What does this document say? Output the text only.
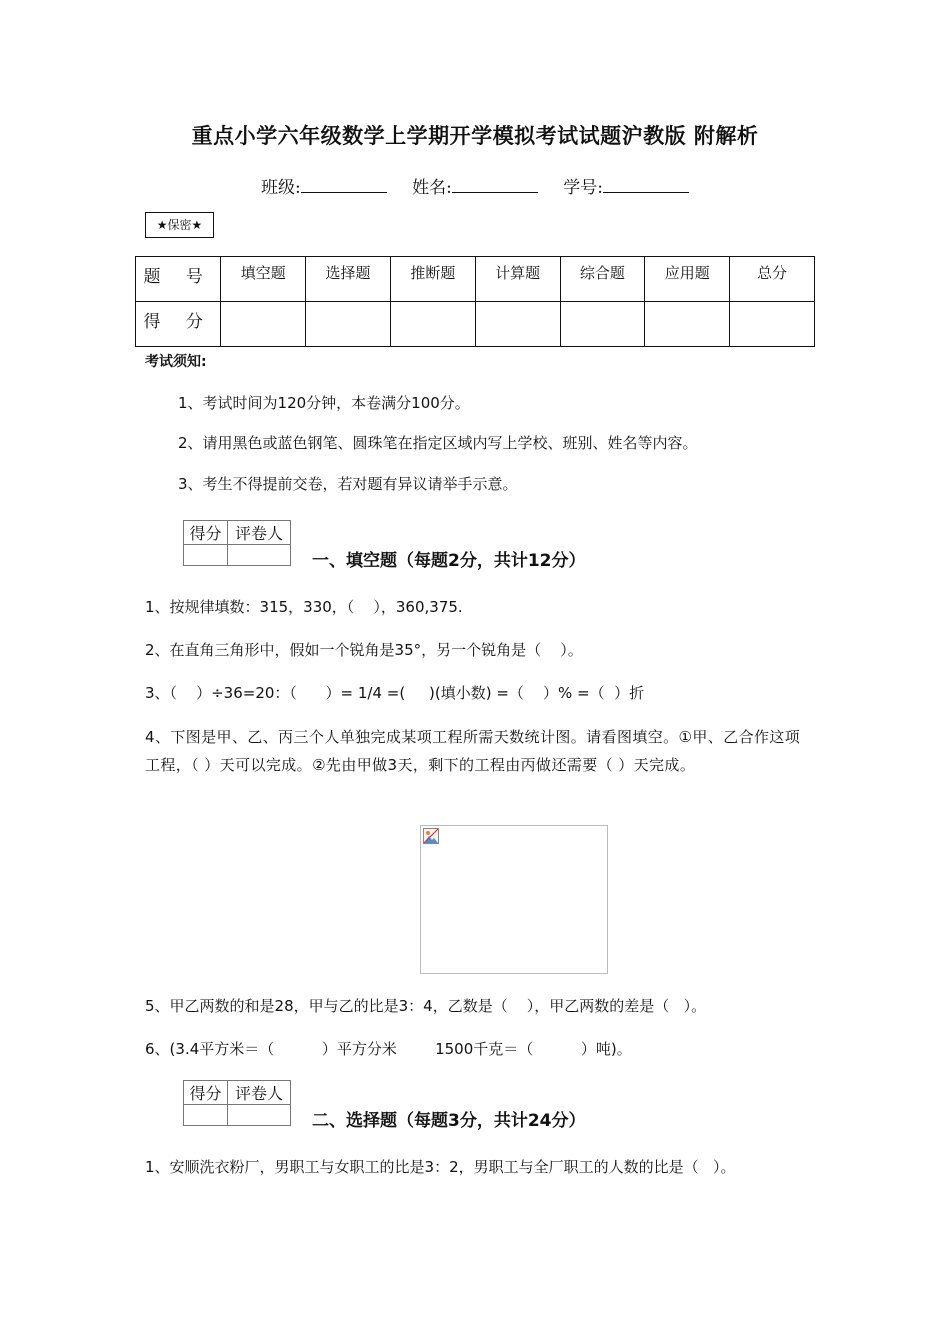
重点小学六年级数学上学期开学模拟考试试题沪教版 附解析
班级:	姓名:	学号:
★保密★
题 号	填空题	选择题	推断题	计算题	综合题	应用题	总分
得 分							
考试须知:
1、考试时间为120分钟，本卷满分100分。
2、请用黑色或蓝色钢笔、圆珠笔在指定区域内写上学校、班别、姓名等内容。
3、考生不得提前交卷，若对题有异议请举手示意。
得分	评卷人

一、填空题（每题2分，共计12分）
1、按规律填数：315，330，（    ），360,375.
2、在直角三角形中，假如一个锐角是35°，另一个锐角是（    ）。
3、（    ）÷36=20：（      ）= 1/4 =(     )(填小数) =（    ）% =（  ）折
4、下图是甲、乙、丙三个人单独完成某项工程所需天数统计图。请看图填空。①甲、乙合作这项工程，（ ）天可以完成。②先由甲做3天，剩下的工程由丙做还需要（ ）天完成。
5、甲乙两数的和是28，甲与乙的比是3：4，乙数是（    ），甲乙两数的差是（   ）。
6、(3.4平方米＝（          ）平方分米        1500千克＝（          ）吨)。
得分	评卷人

二、选择题（每题3分，共计24分）
1、安顺洗衣粉厂，男职工与女职工的比是3：2，男职工与全厂职工的人数的比是（   ）。
